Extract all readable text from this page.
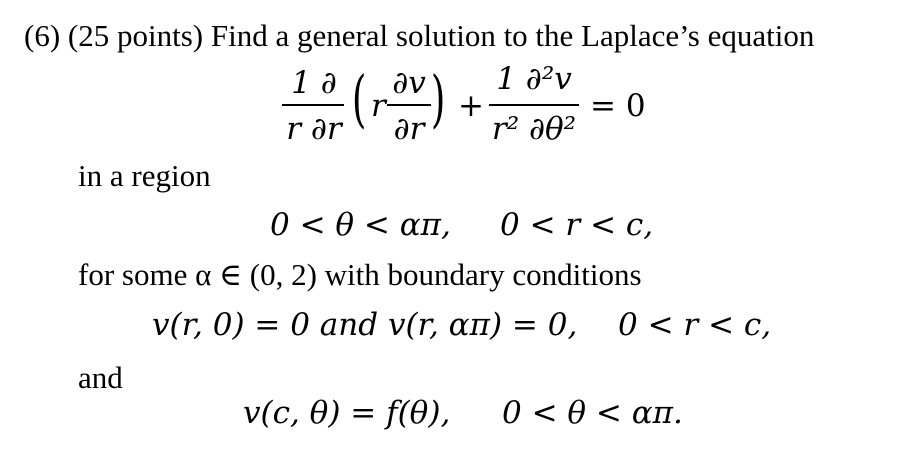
(6) (25 points) Find a general solution to the Laplace’s equation
1 ∂
r ∂r ( r
∂v
∂r ) +
1 ∂²v
r² ∂θ²
= 0
in a region
0 < θ < απ, 0 < r < c,
for some α ∈ (0, 2) with boundary conditions
v(r, 0) = 0 and v(r, απ) = 0, 0 < r < c,
and
v(c, θ) = f(θ), 0 < θ < απ.
